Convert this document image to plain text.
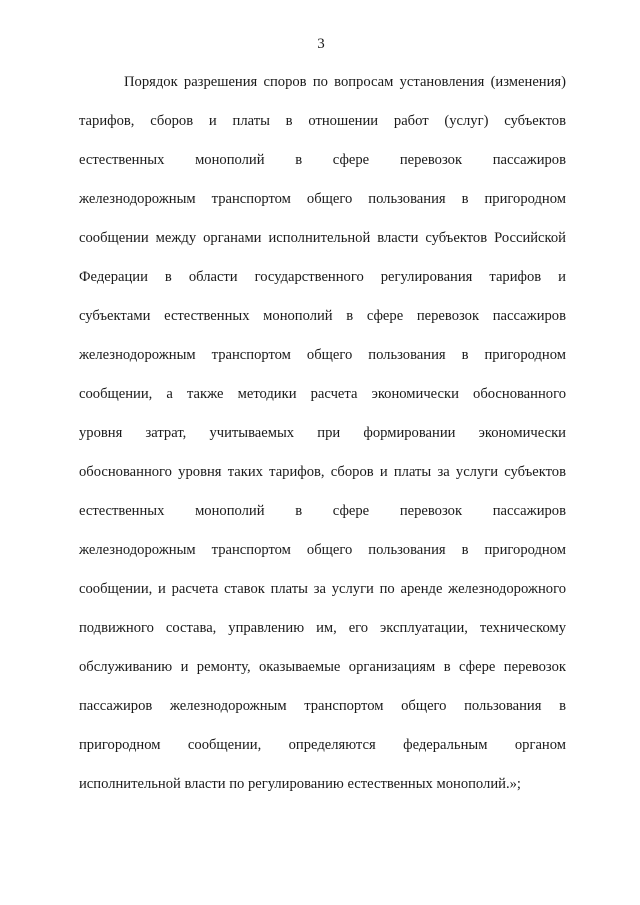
3

Порядок разрешения споров по вопросам установления (изменения)
тарифов, сборов и платы в отношении работ (услуг) субъектов
естественных монополий в сфере перевозок пассажиров
железнодорожным транспортом общего пользования в пригородном
сообщении между органами исполнительной власти субъектов Российской
Федерации в области государственного регулирования тарифов и
субъектами естественных монополий в сфере перевозок пассажиров
железнодорожным транспортом общего пользования в пригородном
сообщении, а также методики расчета экономически обоснованного
уровня затрат, учитываемых при формировании экономически
обоснованного уровня таких тарифов, сборов и платы за услуги субъектов
естественных монополий в сфере перевозок пассажиров
железнодорожным транспортом общего пользования в пригородном
сообщении, и расчета ставок платы за услуги по аренде железнодорожного
подвижного состава, управлению им, его эксплуатации, техническому
обслуживанию и ремонту, оказываемые организациям в сфере перевозок
пассажиров железнодорожным транспортом общего пользования в
пригородном сообщении, определяются федеральным органом
исполнительной власти по регулированию естественных монополий.»;
